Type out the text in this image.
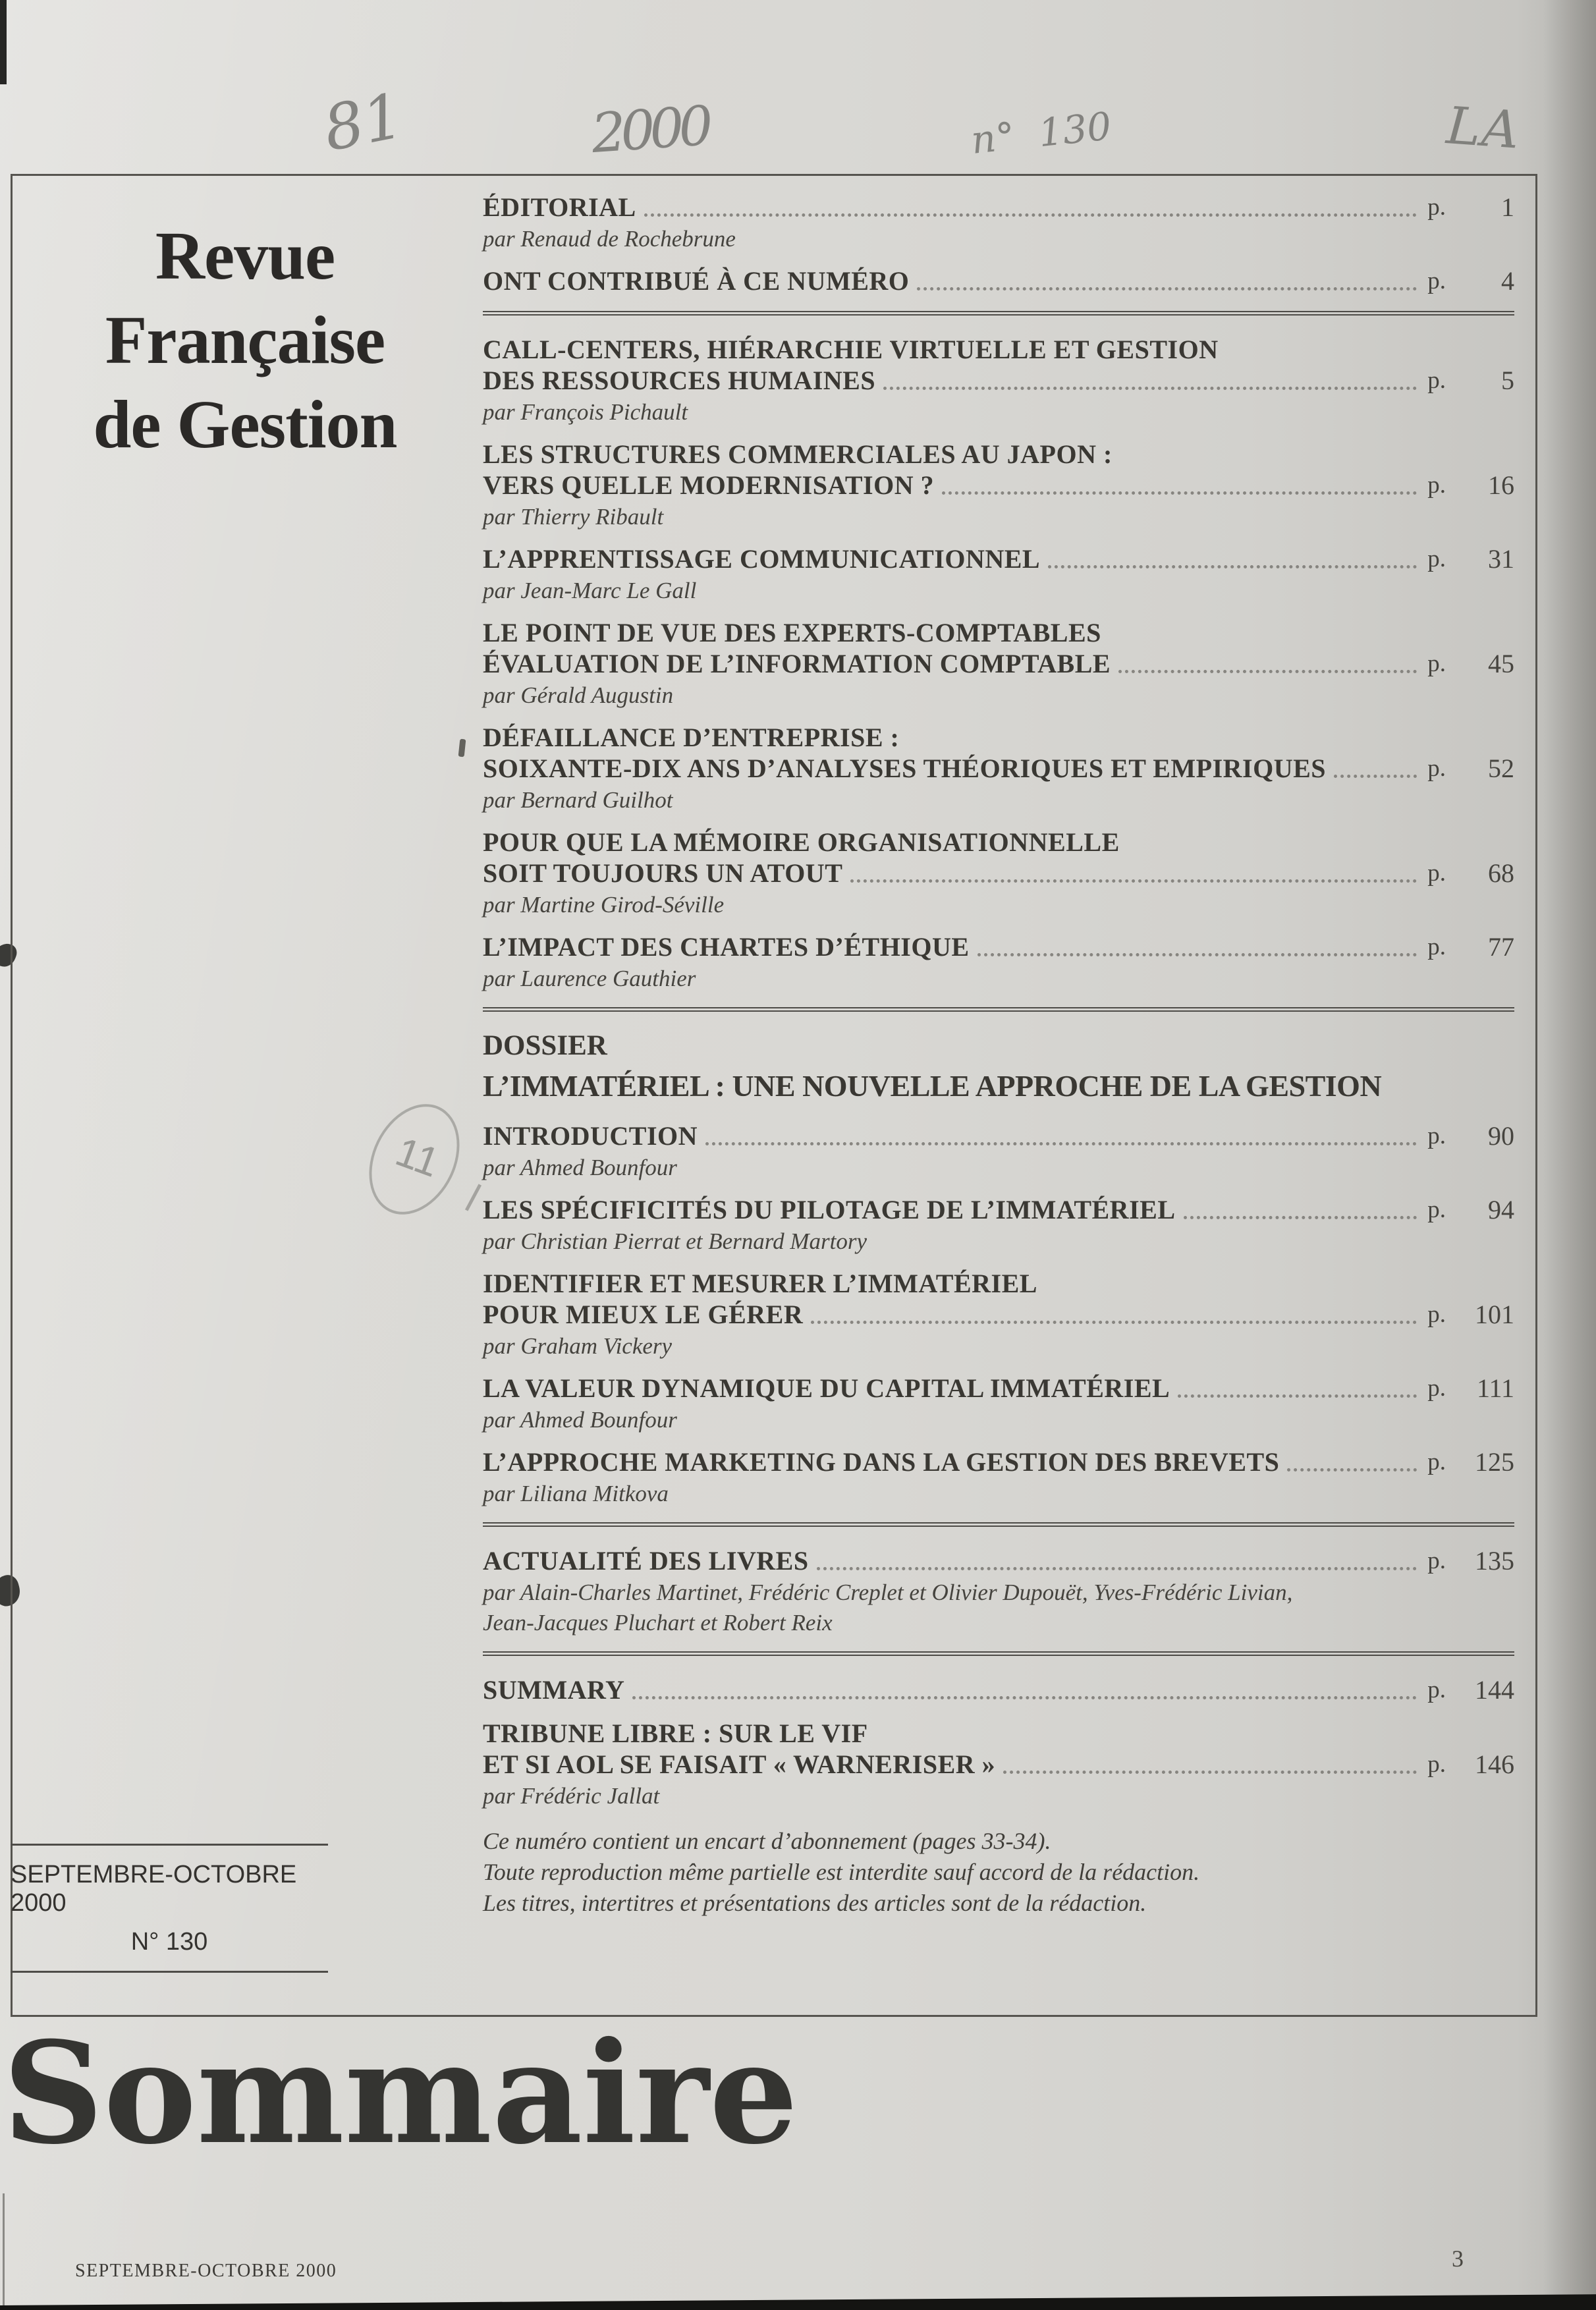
81	2000	n° 130	LA
11
Revue
Française
de Gestion
SEPTEMBRE-OCTOBRE 2000
N° 130
ÉDITORIAL	p.	1
par Renaud de Rochebrune
ONT CONTRIBUÉ À CE NUMÉRO	p.	4
CALL-CENTERS, HIÉRARCHIE VIRTUELLE ET GESTION
DES RESSOURCES HUMAINES	p.	5
par François Pichault
LES STRUCTURES COMMERCIALES AU JAPON :
VERS QUELLE MODERNISATION ?	p.	16
par Thierry Ribault
L’APPRENTISSAGE COMMUNICATIONNEL	p.	31
par Jean-Marc Le Gall
LE POINT DE VUE DES EXPERTS-COMPTABLES
ÉVALUATION DE L’INFORMATION COMPTABLE	p.	45
par Gérald Augustin
DÉFAILLANCE D’ENTREPRISE :
SOIXANTE-DIX ANS D’ANALYSES THÉORIQUES ET EMPIRIQUES	p.	52
par Bernard Guilhot
POUR QUE LA MÉMOIRE ORGANISATIONNELLE
SOIT TOUJOURS UN ATOUT	p.	68
par Martine Girod-Séville
L’IMPACT DES CHARTES D’ÉTHIQUE	p.	77
par Laurence Gauthier
DOSSIER
L’IMMATÉRIEL : UNE NOUVELLE APPROCHE DE LA GESTION
INTRODUCTION	p.	90
par Ahmed Bounfour
LES SPÉCIFICITÉS DU PILOTAGE DE L’IMMATÉRIEL	p.	94
par Christian Pierrat et Bernard Martory
IDENTIFIER ET MESURER L’IMMATÉRIEL
POUR MIEUX LE GÉRER	p.	101
par Graham Vickery
LA VALEUR DYNAMIQUE DU CAPITAL IMMATÉRIEL	p.	111
par Ahmed Bounfour
L’APPROCHE MARKETING DANS LA GESTION DES BREVETS	p.	125
par Liliana Mitkova
ACTUALITÉ DES LIVRES	p.	135
par Alain-Charles Martinet, Frédéric Creplet et Olivier Dupouët, Yves-Frédéric Livian,
Jean-Jacques Pluchart et Robert Reix
SUMMARY	p.	144
TRIBUNE LIBRE : SUR LE VIF
ET SI AOL SE FAISAIT « WARNERISER »	p.	146
par Frédéric Jallat
Ce numéro contient un encart d’abonnement (pages 33-34).
Toute reproduction même partielle est interdite sauf accord de la rédaction.
Les titres, intertitres et présentations des articles sont de la rédaction.
Sommaire
SEPTEMBRE-OCTOBRE 2000	3
